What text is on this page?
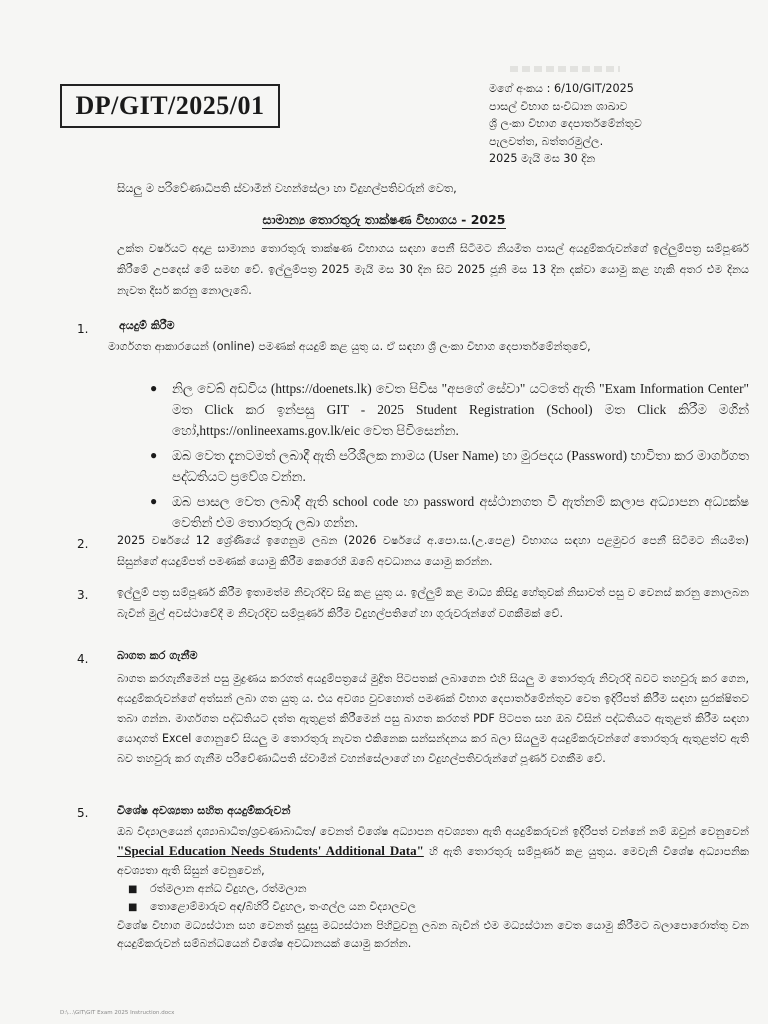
DP/GIT/2025/01
මගේ අංකය : 6/10/GIT/2025
පාසල් විභාග සංවිධාන ශාඛාව
ශ්‍රී ලංකා විභාග දෙපාර්තමේන්තුව
පැලවත්ත, බත්තරමුල්ල.
2025 මැයි මස 30 දින
සියලු ම පරිවේණාධිපති ස්වාමීන් වහන්සේලා හා විදුහල්පතිවරුන් වෙත,
සාමාන්‍ය තොරතුරු තාක්ෂණ විභාගය - 2025
උක්ත වර්ෂයට අදාළ සාමාන්‍ය තොරතුරු තාක්ෂණ විභාගය සඳහා පෙනී සිටීමට නියමිත පාසල් අයදුම්කරුවන්ගේ ඉල්ලුම්පත්‍ර සම්පූර්ණ කිරීමේ උපදෙස් මේ සමඟ වේ. ඉල්ලුම්පත්‍ර 2025 මැයි මස 30 දින සිට 2025 ජූනි මස 13 දින දක්වා යොමු කළ හැකි අතර එම දිනය නැවත දීර්ඝ කරනු නොලැබේ.
1.	අයදුම් කිරීම
මාර්ගගත ආකාරයෙන් (online) පමණක් අයදුම් කළ යුතු ය. ඒ සඳහා ශ්‍රී ලංකා විභාග දෙපාර්තමේන්තුවේ,
● නිල වෙබ් අඩවිය (https://doenets.lk) වෙත පිවිස "අපගේ සේවා" යටතේ ඇති "Exam Information Center" මත Click කර ඉන්පසු GIT - 2025 Student Registration (School) මත Click කිරීම මගින් හෝ,https://onlineexams.gov.lk/eic වෙත පිවිසෙන්න.
● ඔබ වෙත දැනටමත් ලබාදී ඇති පරිශීලක නාමය (User Name) හා මුරපදය (Password) භාවිතා කර මාර්ගගත පද්ධතියට ප්‍රවේශ වන්න.
● ඔබ පාසල වෙත ලබාදී ඇති school code හා password අස්ථානගත වී ඇත්නම් කලාප අධ්‍යාපන අධ්‍යක්ෂ වෙතින් එම තොරතුරු ලබා ගන්න.
2.	2025 වර්ෂයේ 12 ශ්‍රේණියේ ඉගෙනුම ලබන (2026 වර්ෂයේ අ.පො.ස.(උ.පෙළ) විභාගය සඳහා පළමුවර පෙනී සිටීමට නියමිත) සිසුන්ගේ අයදුම්පත් පමණක් යොමු කිරීම කෙරෙහි ඔබේ අවධානය යොමු කරන්න.
3.	ඉල්ලුම් පත්‍ර සම්පූර්ණ කිරීම ඉතාමත්ම නිවැරදිව සිදු කළ යුතු ය. ඉල්ලුම් කළ මාධ්‍ය කිසිදු හේතුවක් නිසාවත් පසු ව වෙනස් කරනු නොලබන බැවින් මුල් අවස්ථාවේදී ම නිවැරදිව සම්පූර්ණ කිරීම විදුහල්පතිගේ හා ගුරුවරුන්ගේ වගකීමක් වේ.
4.	බාගත කර ගැනීම
බාගත කරගැනීමෙන් පසු මුද්‍රණය කරගත් අයදුම්පත්‍රයේ මුද්‍රිත පිටපතක් ලබාගෙන එහි සියලු ම තොරතුරු නිවැරදි බවට තහවුරු කර ගෙන, අයදුම්කරුවන්ගේ අත්සන් ලබා ගත යුතු ය. එය අවශ්‍ය වුවහොත් පමණක් විභාග දෙපාර්තමේන්තුව වෙත ඉදිරිපත් කිරීම සඳහා සුරක්ෂිතව තබා ගන්න. මාර්ගගත පද්ධතියට දත්ත ඇතුළත් කිරීමෙන් පසු බාගත කරගත් PDF පිටපත සහ ඔබ විසින් පද්ධතියට ඇතුළත් කිරීම සඳහා යොදාගත් Excel ගොනුවේ සියලු ම තොරතුරු නැවත එකිනෙක සන්සන්දනය කර බලා සියලුම අයදුම්කරුවන්ගේ තොරතුරු ඇතුළත්ව ඇති බව තහවුරු කර ගැනීම පරිවේණාධිපති ස්වාමීන් වහන්සේලාගේ හා විදුහල්පතිවරුන්ගේ පූර්ණ වගකීම වේ.
5.	විශේෂ අවශ්‍යතා සහිත අයදුම්කරුවන්
ඔබ විද්‍යාලයෙන් දෘශ්‍යාබාධිත/ශ්‍රවණාබාධිත/ වෙනත් විශේෂ අධ්‍යාපන අවශ්‍යතා ඇති අයදුම්කරුවන් ඉදිරිපත් වන්නේ නම් ඔවුන් වෙනුවෙන් "Special Education Needs Students' Additional Data" හි ඇති තොරතුරු සම්පූර්ණ කළ යුතුය. මෙවැනි විශේෂ අධ්‍යාපනික අවශ්‍යතා ඇති සිසුන් වෙනුවෙන්,
■ රත්මලාන අන්ධ විදුහල, රත්මලාන
■ තොළොම්මාරුව අඳ/බිහිරි විදුහල, තංගල්ල යන විද්‍යාලවල
විශේෂ විභාග මධ්‍යස්ථාන සහ වෙනත් සුදුසු මධ්‍යස්ථාන පිහිටුවනු ලබන බැවින් එම මධ්‍යස්ථාන වෙත යොමු කිරීමට බලාපොරොත්තු වන අයදුම්කරුවන් සම්බන්ධයෙන් විශේෂ අවධානයක් යොමු කරන්න.
D:\...\GIT\GIT Exam 2025 Instruction.docx
